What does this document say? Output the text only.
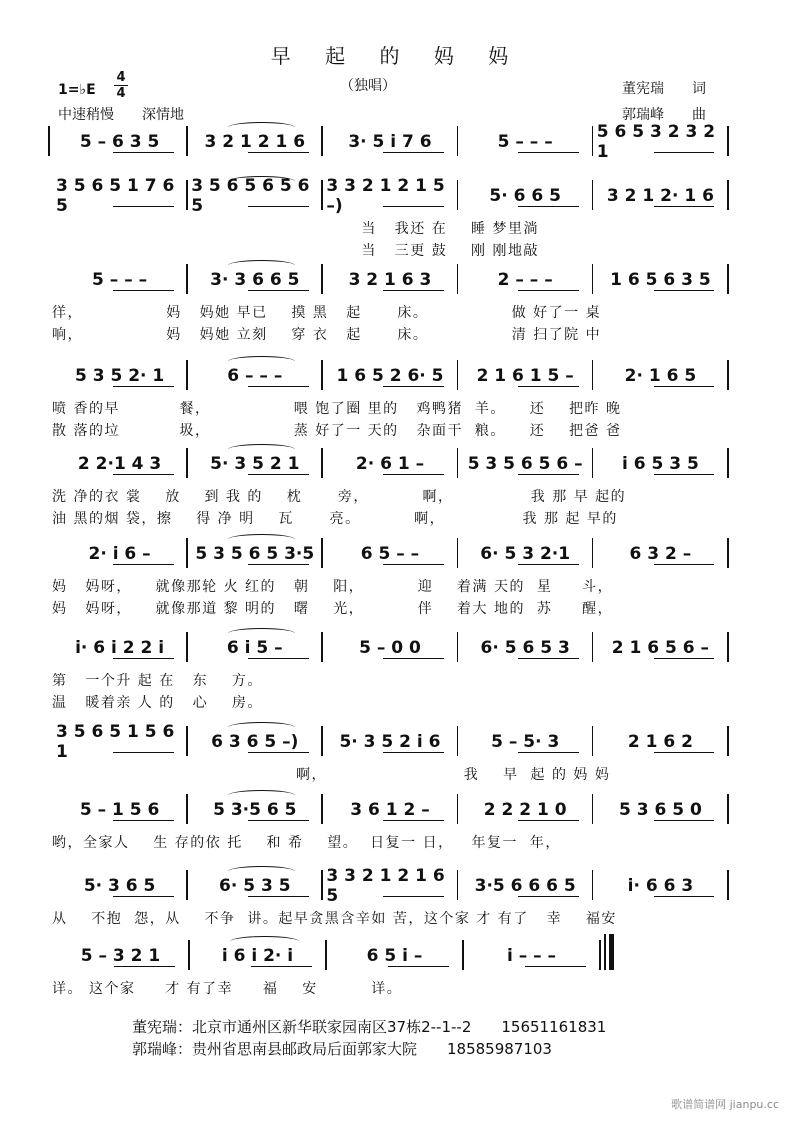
早 起 的 妈 妈
（独唱）
1=♭E
4
4
中速稍慢　　深情地
董宪瑞　　词
郭瑞峰　　曲
5 – 6 3 5	3 2 1 2 1 6	3· 5 i 7 6	5 – – –	5 6 5 3 2 3 2 1
3 5 6 5 1 7 6 5
3 5 6 5 6 5 6 5
3 3 2 1 2 1 5 –)	5· 6 6 5	3 2 1 2· 1 6
当   我还 在    睡 梦里淌
当   三更 鼓    刚 刚地敲
5 – – –	3· 3 6 6 5	3 2 1 6 3	2 – – –	1 6 5 6 3 5
徉，              妈   妈她 早已    摸 黑   起      床。              做 好了一 桌
响，              妈   妈她 立刻    穿 衣   起      床。              清 扫了院 中
5 3 5 2· 1	6 – – –	1 6 5 2 6· 5	2 1 6 1 5 –	2· 1 6 5
喷 香的早          餐，              喂 饱了圈 里的   鸡鸭猪  羊。    还    把昨 晚
散 落的垃          圾，              蒸 好了一 天的   杂面干  粮。    还    把爸 爸
2 2·1 4 3	5· 3 5 2 1	2· 6 1 –	5 3 5 6 5 6 –	i 6 5 3 5
洗 净的衣 裳    放    到 我 的    枕      旁，         啊，             我 那 早 起的
油 黑的烟 袋，擦    得 净 明    瓦      亮。         啊，             我 那 起 早的
2· i 6 –	5 3 5 6 5 3·5	6 5 – –	6· 5 3 2·1	6 3 2 –
妈   妈呀，    就像那轮 火 红的   朝    阳，         迎    着满 天的  星     斗，
妈   妈呀，    就像那道 黎 明的   曙    光，         伴    着大 地的  苏     醒，
i· 6 i 2 2 i	6 i 5 –	5 – 0 0	6· 5 6 5 3	2 1 6 5 6 –
第   一个升 起 在   东    方。
温   暖着亲 人 的   心    房。
3 5 6 5 1 5 6 1	6 3 6 5 –)	5· 3 5 2 i 6	5 – 5· 3	2 1 6 2
啊，                       我    早  起 的 妈 妈
5 – 1 5 6	5 3·5 6 5	3 6 1 2 –	2 2 2 1 0	5 3 6 5 0
哟，全家人    生 存的依 托    和 希    望。  日复一 日，   年复一  年，
5· 3 6 5	6· 5 3 5	3 3 2 1 2 1 6 5	3·5 6 6 6 5	i· 6 6 3
从    不抱  怨，从    不争  讲。起早贪黑含辛如 苦，这个家 才 有了   幸    福安
5 – 3 2 1	i 6 i 2· i	6 5 i –	i – – –
详。 这个家     才 有了幸     福    安         详。
董宪瑞：北京市通州区新华联家园南区37栋2--1--2　　15651161831
郭瑞峰：贵州省思南县邮政局后面郭家大院　　18585987103
歌谱简谱网 jianpu.cc
